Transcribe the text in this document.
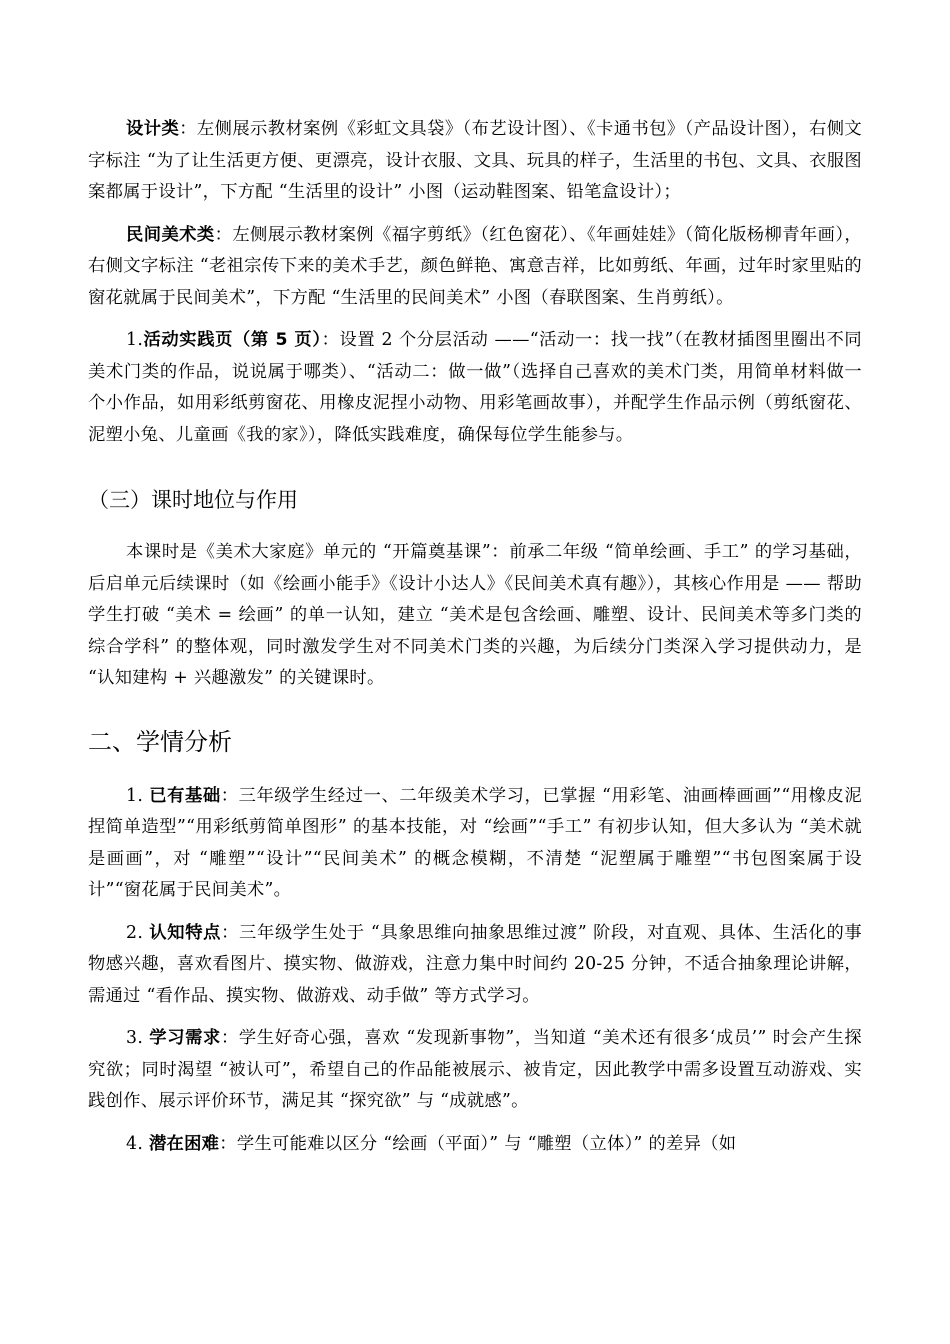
设计类：左侧展示教材案例《彩虹文具袋》（布艺设计图）、《卡通书包》（产品设计图），右侧文字标注 “为了让生活更方便、更漂亮，设计衣服、文具、玩具的样子，生活里的书包、文具、衣服图案都属于设计”，下方配 “生活里的设计” 小图（运动鞋图案、铅笔盒设计）；

民间美术类：左侧展示教材案例《福字剪纸》（红色窗花）、《年画娃娃》（简化版杨柳青年画），右侧文字标注 “老祖宗传下来的美术手艺，颜色鲜艳、寓意吉祥，比如剪纸、年画，过年时家里贴的窗花就属于民间美术”，下方配 “生活里的民间美术” 小图（春联图案、生肖剪纸）。

1.活动实践页（第 5 页）：设置 2 个分层活动 ——“活动一：找一找”（在教材插图里圈出不同美术门类的作品，说说属于哪类）、“活动二：做一做”（选择自己喜欢的美术门类，用简单材料做一个小作品，如用彩纸剪窗花、用橡皮泥捏小动物、用彩笔画故事），并配学生作品示例（剪纸窗花、泥塑小兔、儿童画《我的家》），降低实践难度，确保每位学生能参与。

（三）课时地位与作用

本课时是《美术大家庭》单元的 “开篇奠基课”：前承二年级 “简单绘画、手工” 的学习基础，后启单元后续课时（如《绘画小能手》《设计小达人》《民间美术真有趣》），其核心作用是 —— 帮助学生打破 “美术 = 绘画” 的单一认知，建立 “美术是包含绘画、雕塑、设计、民间美术等多门类的综合学科” 的整体观，同时激发学生对不同美术门类的兴趣，为后续分门类深入学习提供动力，是 “认知建构 + 兴趣激发” 的关键课时。

二、学情分析

1. 已有基础：三年级学生经过一、二年级美术学习，已掌握 “用彩笔、油画棒画画”“用橡皮泥捏简单造型”“用彩纸剪简单图形” 的基本技能，对 “绘画”“手工” 有初步认知，但大多认为 “美术就是画画”，对 “雕塑”“设计”“民间美术” 的概念模糊，不清楚 “泥塑属于雕塑”“书包图案属于设计”“窗花属于民间美术”。

2. 认知特点：三年级学生处于 “具象思维向抽象思维过渡” 阶段，对直观、具体、生活化的事物感兴趣，喜欢看图片、摸实物、做游戏，注意力集中时间约 20-25 分钟，不适合抽象理论讲解，需通过 “看作品、摸实物、做游戏、动手做” 等方式学习。

3. 学习需求：学生好奇心强，喜欢 “发现新事物”，当知道 “美术还有很多‘成员’” 时会产生探究欲；同时渴望 “被认可”，希望自己的作品能被展示、被肯定，因此教学中需多设置互动游戏、实践创作、展示评价环节，满足其 “探究欲” 与 “成就感”。

4. 潜在困难：学生可能难以区分 “绘画（平面）” 与 “雕塑（立体）” 的差异（如
